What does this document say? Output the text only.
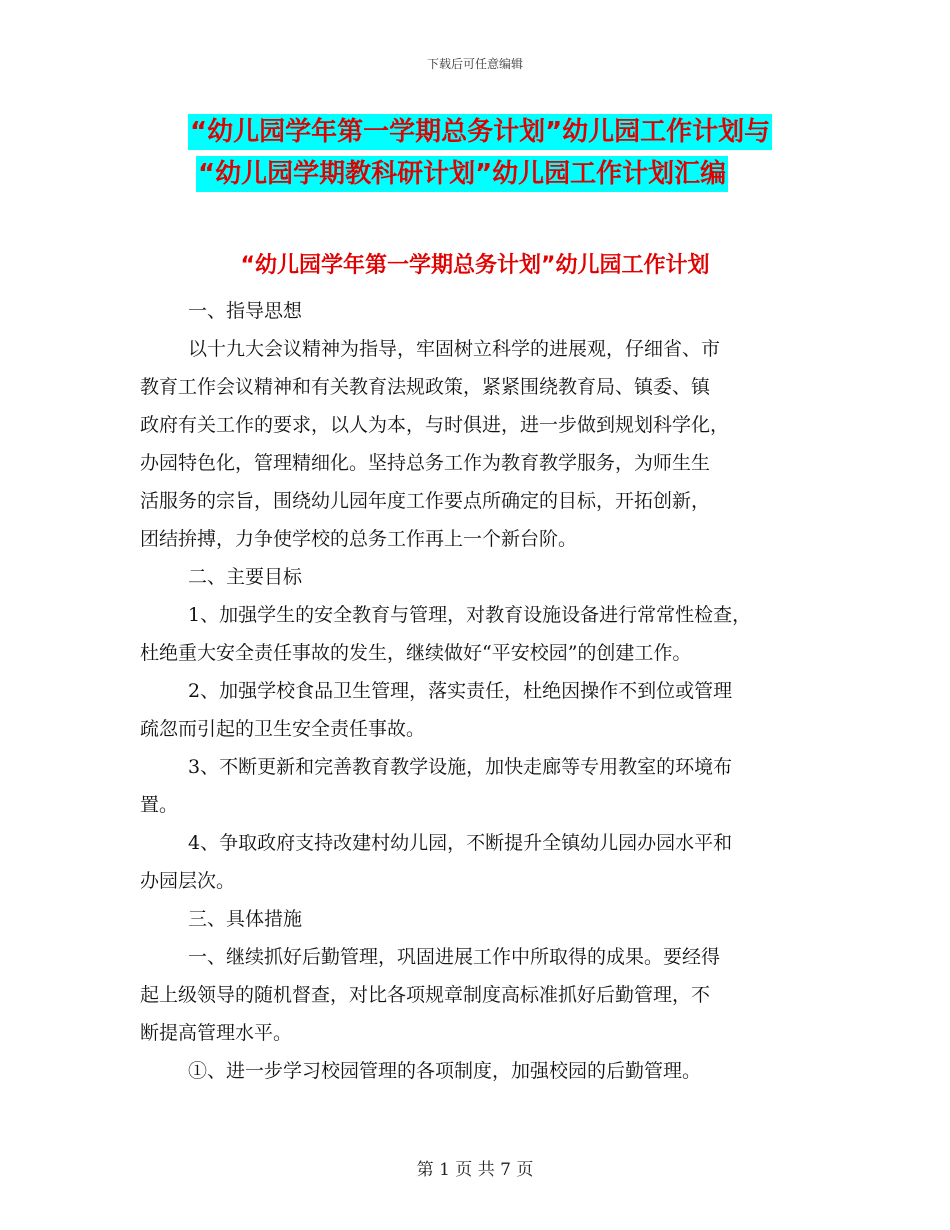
下载后可任意编辑
“幼儿园学年第一学期总务计划”幼儿园工作计划与
“幼儿园学期教科研计划”幼儿园工作计划汇编
“幼儿园学年第一学期总务计划”幼儿园工作计划

一、指导思想

以十九大会议精神为指导，牢固树立科学的进展观，仔细省、市

教育工作会议精神和有关教育法规政策，紧紧围绕教育局、镇委、镇

政府有关工作的要求，以人为本，与时俱进，进一步做到规划科学化，

办园特色化，管理精细化。坚持总务工作为教育教学服务，为师生生

活服务的宗旨，围绕幼儿园年度工作要点所确定的目标，开拓创新，

团结拚搏，力争使学校的总务工作再上一个新台阶。

二、主要目标

1、加强学生的安全教育与管理，对教育设施设备进行常常性检查，

杜绝重大安全责任事故的发生，继续做好“平安校园”的创建工作。

2、加强学校食品卫生管理，落实责任，杜绝因操作不到位或管理

疏忽而引起的卫生安全责任事故。

3、不断更新和完善教育教学设施，加快走廊等专用教室的环境布

置。

4、争取政府支持改建村幼儿园，不断提升全镇幼儿园办园水平和

办园层次。

三、具体措施

一、继续抓好后勤管理，巩固进展工作中所取得的成果。要经得

起上级领导的随机督查，对比各项规章制度高标准抓好后勤管理，不

断提高管理水平。

①、进一步学习校园管理的各项制度，加强校园的后勤管理。

第 1 页 共 7 页
